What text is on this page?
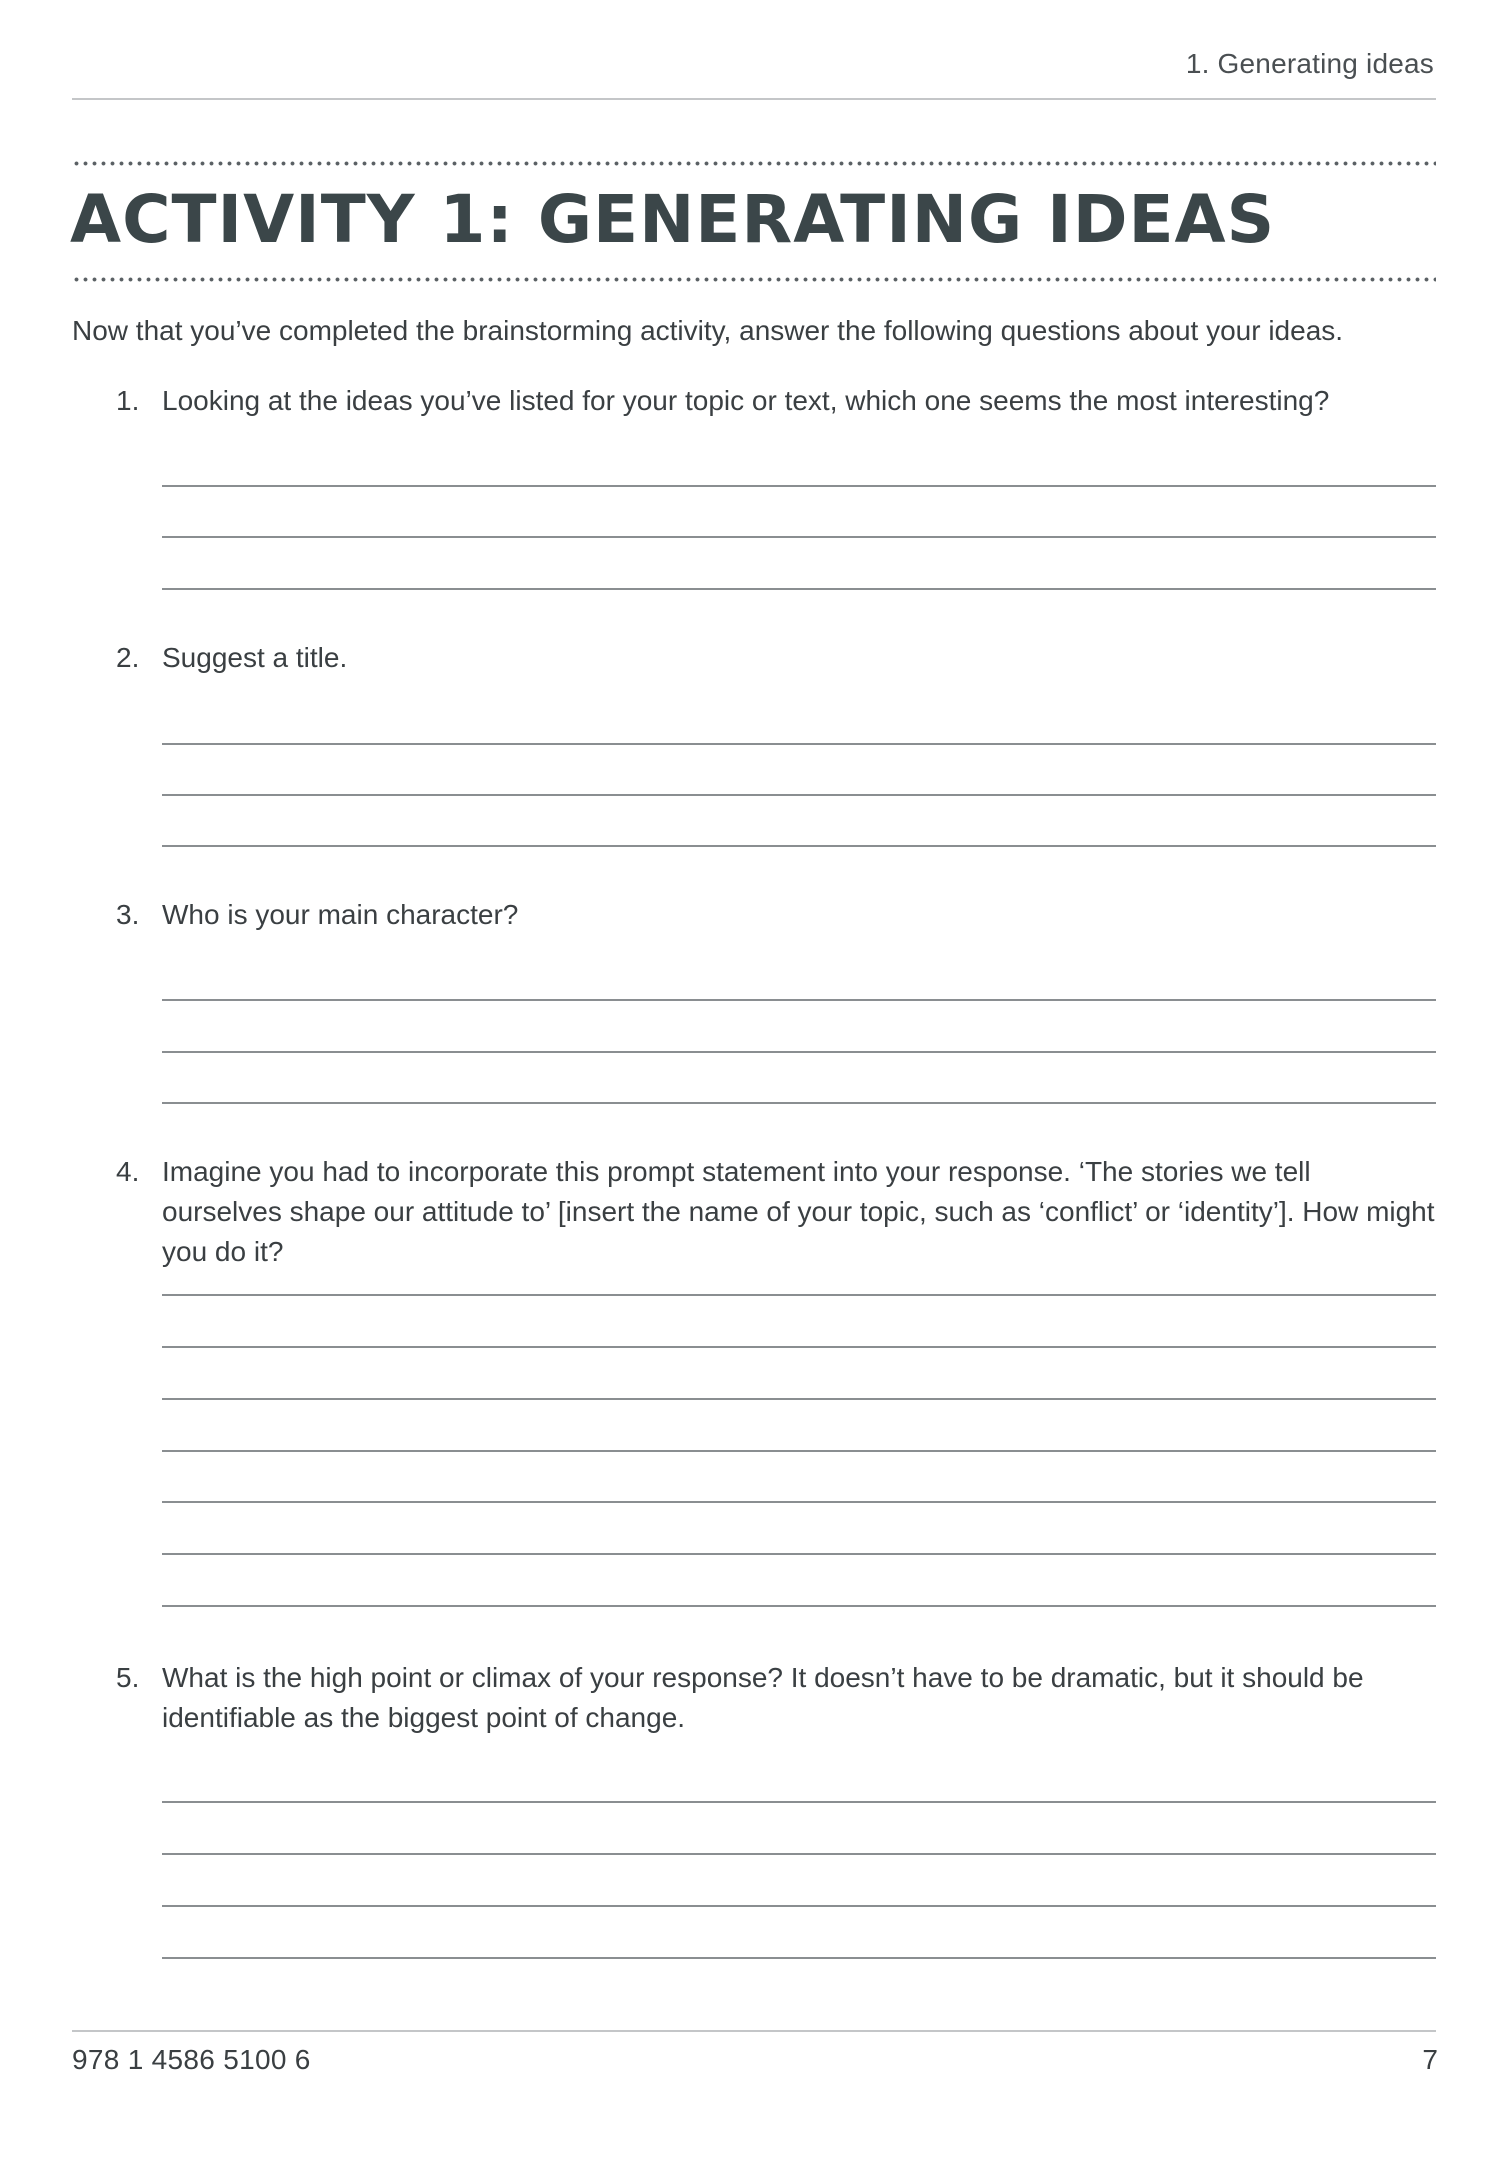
1. Generating ideas
ACTIVITY 1: GENERATING IDEAS
Now that you’ve completed the brainstorming activity, answer the following questions about your ideas.
1. Looking at the ideas you’ve listed for your topic or text, which one seems the most interesting?
2. Suggest a title.
3. Who is your main character?
4. Imagine you had to incorporate this prompt statement into your response. ‘The stories we tell ourselves shape our attitude to’ [insert the name of your topic, such as ‘conflict’ or ‘identity’]. How might you do it?
5. What is the high point or climax of your response? It doesn’t have to be dramatic, but it should be identifiable as the biggest point of change.
978 1 4586 5100 6	7
